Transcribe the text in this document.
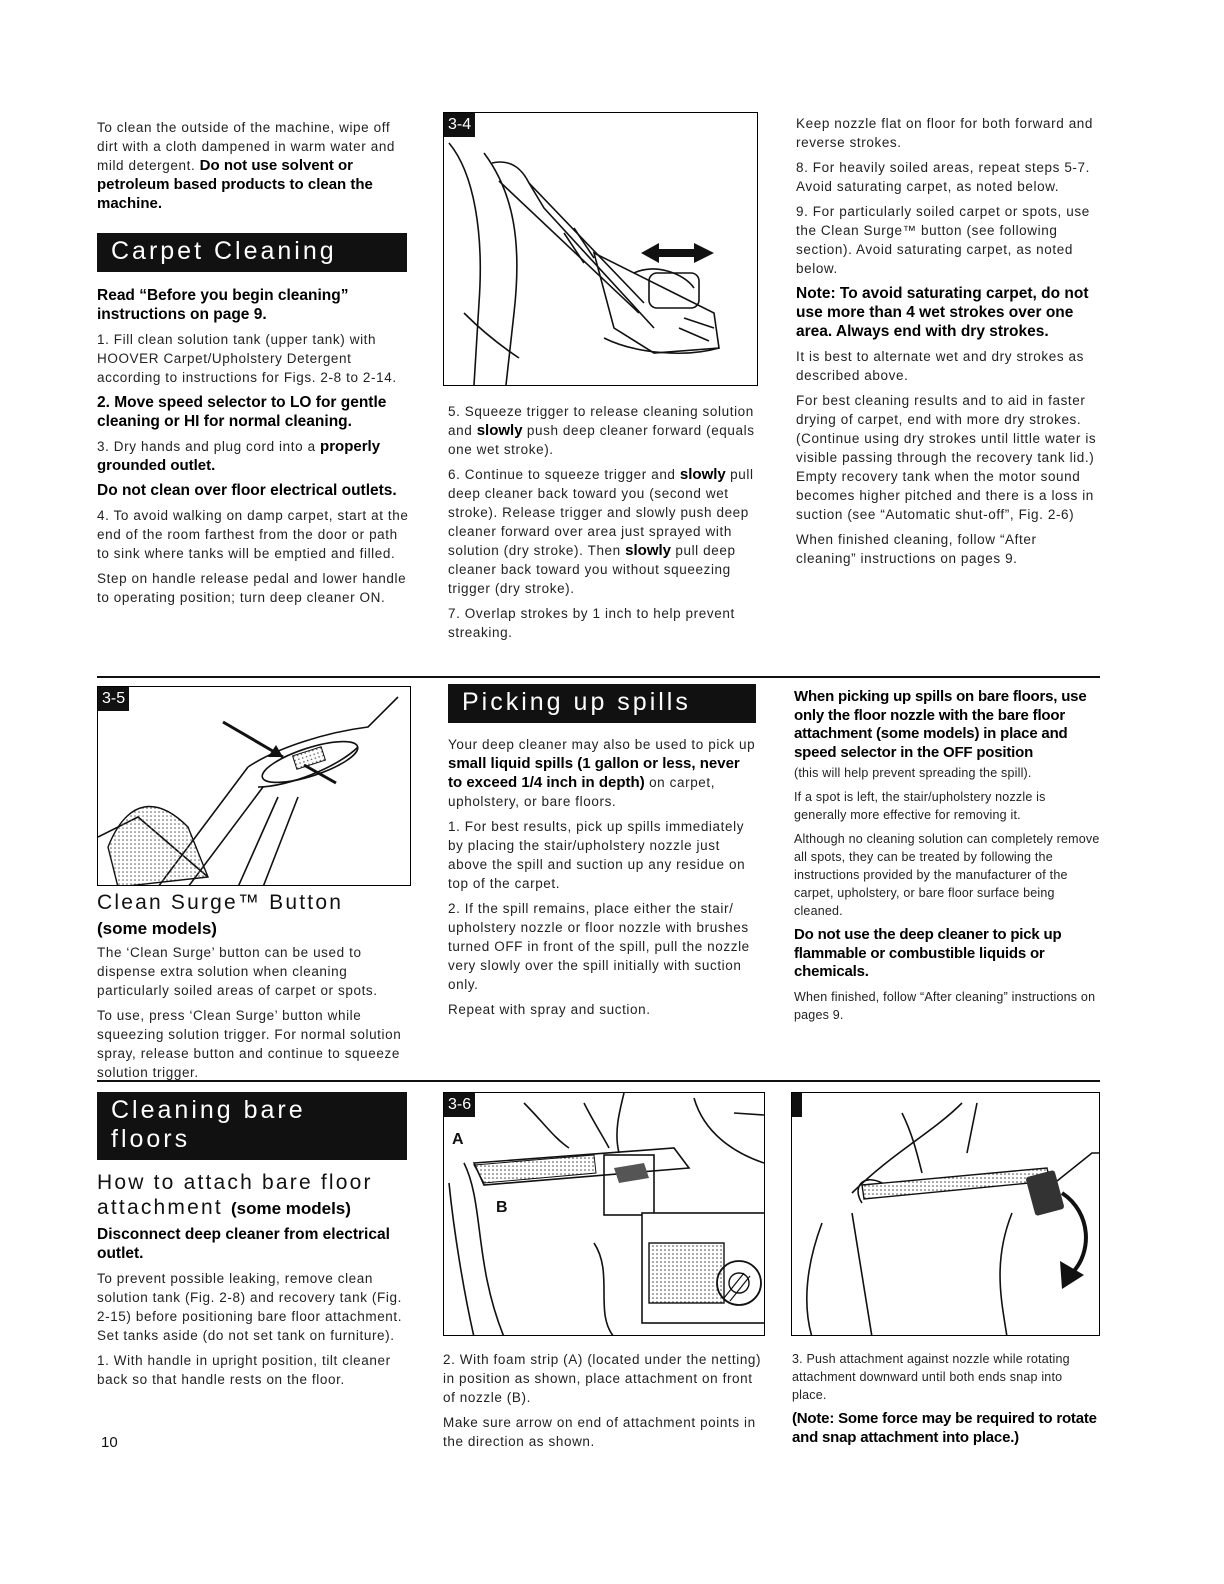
To clean the outside of the machine, wipe off dirt with a cloth dampened in warm water and mild detergent. Do not use solvent or petroleum based products to clean the machine.

Carpet Cleaning

Read “Before you begin cleaning” instructions on page 9.

1. Fill clean solution tank (upper tank) with HOOVER Carpet/Upholstery Detergent according to instructions for Figs. 2-8 to 2-14.

2. Move speed selector to LO for gentle cleaning or HI for normal cleaning.

3. Dry hands and plug cord into a properly grounded outlet.

Do not clean over floor electrical outlets.

4. To avoid walking on damp carpet, start at the end of the room farthest from the door or path to sink where tanks will be emptied and filled.

Step on handle release pedal and lower handle to operating position; turn deep cleaner ON.

3-4

5. Squeeze trigger to release cleaning solution and slowly push deep cleaner forward (equals one wet stroke).

6. Continue to squeeze trigger and slowly pull deep cleaner back toward you (second wet stroke). Release trigger and slowly push deep cleaner forward over area just sprayed with solution (dry stroke). Then slowly pull deep cleaner back toward you without squeezing trigger (dry stroke).

7. Overlap strokes by 1 inch to help prevent streaking.

Keep nozzle flat on floor for both forward and reverse strokes.

8. For heavily soiled areas, repeat steps 5-7. Avoid saturating carpet, as noted below.

9. For particularly soiled carpet or spots, use the Clean Surge™ button (see following section). Avoid saturating carpet, as noted below.

Note: To avoid saturating carpet, do not use more than 4 wet strokes over one area. Always end with dry strokes.

It is best to alternate wet and dry strokes as described above.

For best cleaning results and to aid in faster drying of carpet, end with more dry strokes. (Continue using dry strokes until little water is visible passing through the recovery tank lid.)

Empty recovery tank when the motor sound becomes higher pitched and there is a loss in suction (see “Automatic shut-off”, Fig. 2-6)

When finished cleaning, follow “After cleaning” instructions on pages 9.

3-5
Clean Surge™ Button
(some models)

The ‘Clean Surge’ button can be used to dispense extra solution when cleaning particularly soiled areas of carpet or spots.

To use, press ‘Clean Surge’ button while squeezing solution trigger. For normal solution spray, release button and continue to squeeze solution trigger.

Picking up spills

Your deep cleaner may also be used to pick up small liquid spills (1 gallon or less, never to exceed 1/4 inch in depth) on carpet, upholstery, or bare floors.

1. For best results, pick up spills immediately by placing the stair/upholstery nozzle just above the spill and suction up any residue on top of the carpet.

2. If the spill remains, place either the stair/ upholstery nozzle or floor nozzle with brushes turned OFF in front of the spill, pull the nozzle very slowly over the spill initially with suction only.

Repeat with spray and suction.

When picking up spills on bare floors, use only the floor nozzle with the bare floor attachment (some models) in place and speed selector in the OFF position

(this will help prevent spreading the spill).

If a spot is left, the stair/upholstery nozzle is generally more effective for removing it.

Although no cleaning solution can completely remove all spots, they can be treated by following the instructions provided by the manufacturer of the carpet, upholstery, or bare floor surface being cleaned.

Do not use the deep cleaner to pick up flammable or combustible liquids or chemicals.

When finished, follow “After cleaning” instructions on pages 9.

Cleaning bare floors
How to attach bare floor attachment (some models)

Disconnect deep cleaner from electrical outlet.

To prevent possible leaking, remove clean solution tank (Fig. 2-8) and recovery tank (Fig. 2-15) before positioning bare floor attachment.

Set tanks aside (do not set tank on furniture).

1. With handle in upright position, tilt cleaner back so that handle rests on the floor.

10
3-6
A
B

2. With foam strip (A) (located under the netting) in position as shown, place attachment on front of nozzle (B).

Make sure arrow on end of attachment points in the direction as shown.

3. Push attachment against nozzle while rotating attachment downward until both ends snap into place.

(Note: Some force may be required to rotate and snap attachment into place.)
